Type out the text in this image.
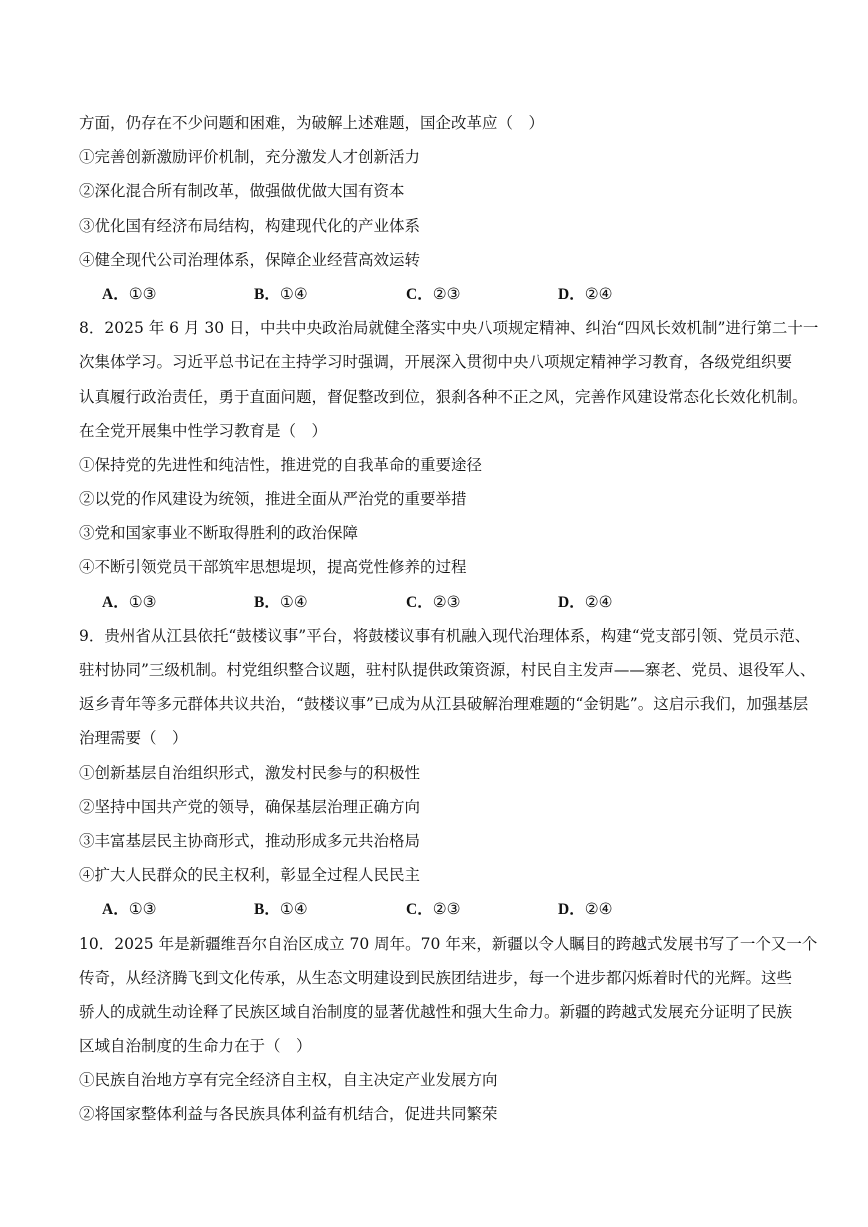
方面，仍存在不少问题和困难，为破解上述难题，国企改革应（　）
①完善创新激励评价机制，充分激发人才创新活力
②深化混合所有制改革，做强做优做大国有资本
③优化国有经济布局结构，构建现代化的产业体系
④健全现代公司治理体系，保障企业经营高效运转
A．①③	B．①④	C．②③	D．②④
8．2025 年 6 月 30 日，中共中央政治局就健全落实中央八项规定精神、纠治“四风长效机制”进行第二十一
次集体学习。习近平总书记在主持学习时强调，开展深入贯彻中央八项规定精神学习教育，各级党组织要
认真履行政治责任，勇于直面问题，督促整改到位，狠刹各种不正之风，完善作风建设常态化长效化机制。
在全党开展集中性学习教育是（　）
①保持党的先进性和纯洁性，推进党的自我革命的重要途径
②以党的作风建设为统领，推进全面从严治党的重要举措
③党和国家事业不断取得胜利的政治保障
④不断引领党员干部筑牢思想堤坝，提高党性修养的过程
A．①③	B．①④	C．②③	D．②④
9．贵州省从江县依托“鼓楼议事”平台，将鼓楼议事有机融入现代治理体系，构建“党支部引领、党员示范、
驻村协同”三级机制。村党组织整合议题，驻村队提供政策资源，村民自主发声——寨老、党员、退役军人、
返乡青年等多元群体共议共治，“鼓楼议事”已成为从江县破解治理难题的“金钥匙”。这启示我们，加强基层
治理需要（　）
①创新基层自治组织形式，激发村民参与的积极性
②坚持中国共产党的领导，确保基层治理正确方向
③丰富基层民主协商形式，推动形成多元共治格局
④扩大人民群众的民主权利，彰显全过程人民民主
A．①③	B．①④	C．②③	D．②④
10．2025 年是新疆维吾尔自治区成立 70 周年。70 年来，新疆以令人瞩目的跨越式发展书写了一个又一个
传奇，从经济腾飞到文化传承，从生态文明建设到民族团结进步，每一个进步都闪烁着时代的光辉。这些
骄人的成就生动诠释了民族区域自治制度的显著优越性和强大生命力。新疆的跨越式发展充分证明了民族
区域自治制度的生命力在于（　）
①民族自治地方享有完全经济自主权，自主决定产业发展方向
②将国家整体利益与各民族具体利益有机结合，促进共同繁荣
